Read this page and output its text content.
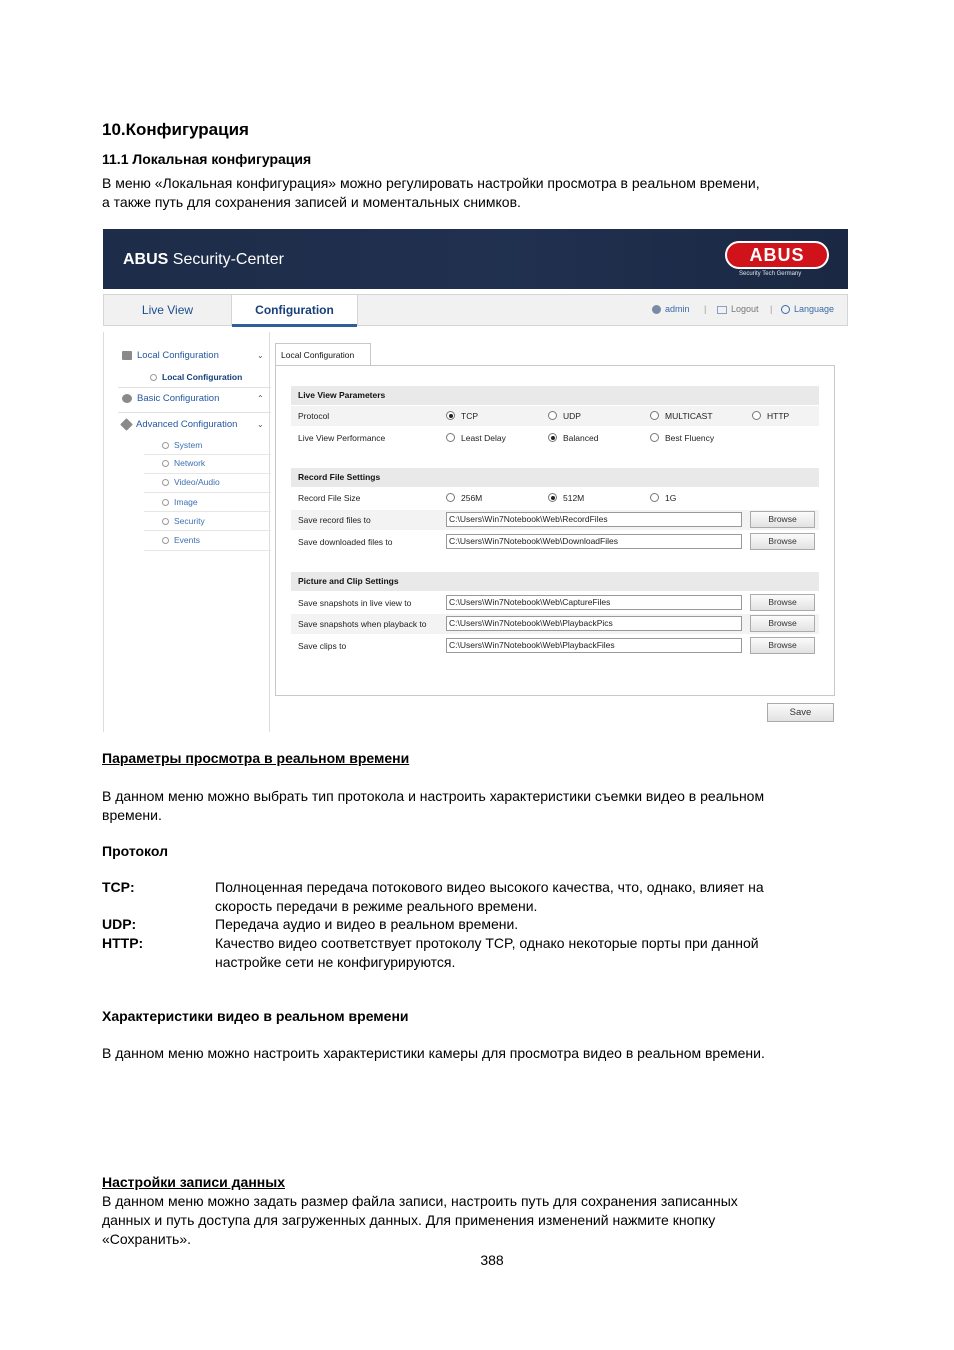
10.Конфигурация
11.1 Локальная конфигурация
В меню «Локальная конфигурация» можно регулировать настройки просмотра в реальном времени,
а также путь для сохранения записей и моментальных снимков.
ABUS Security-Center	ABUS
Security Tech Germany
Live View	Configuration	admin |	Logout |	Language
Local Configuration	⌄
Local Configuration
Basic Configuration	⌃
Advanced Configuration ⌄
System
Network
Video/Audio
Image
Security
Events
Local Configuration
Live View Parameters
Protocol	TCP	UDP	MULTICAST	HTTP
Live View Performance	Least Delay	Balanced	Best Fluency
Record File Settings
Record File Size	256M	512M	1G
Save record files to	C:\Users\Win7Notebook\Web\RecordFiles	Browse
Save downloaded files to	C:\Users\Win7Notebook\Web\DownloadFiles	Browse
Picture and Clip Settings
Save snapshots in live view to	C:\Users\Win7Notebook\Web\CaptureFiles	Browse
Save snapshots when playback to	C:\Users\Win7Notebook\Web\PlaybackPics	Browse
Save clips to	C:\Users\Win7Notebook\Web\PlaybackFiles	Browse
Save
Параметры просмотра в реальном времени
В данном меню можно выбрать тип протокола и настроить характеристики съемки видео в реальном
времени.
Протокол
TCP:	Полноценная передача потокового видео высокого качества, что, однако, влияет на
скорость передачи в режиме реального времени.
UDP:	Передача аудио и видео в реальном времени.
HTTP:	Качество видео соответствует протоколу TCP, однако некоторые порты при данной
настройке сети не конфигурируются.
Характеристики видео в реальном времени
В данном меню можно настроить характеристики камеры для просмотра видео в реальном времени.
Настройки записи данных
В данном меню можно задать размер файла записи, настроить путь для сохранения записанных
данных и путь доступа для загруженных данных. Для применения изменений нажмите кнопку
«Сохранить».
388
